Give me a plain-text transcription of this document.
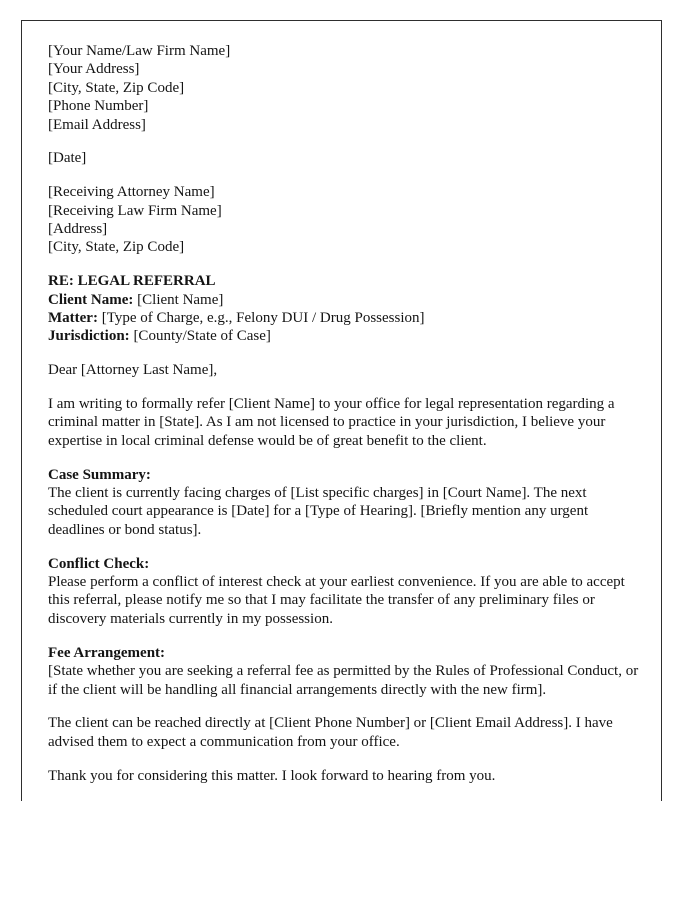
[Your Name/Law Firm Name]
[Your Address]
[City, State, Zip Code]
[Phone Number]
[Email Address]
[Date]
[Receiving Attorney Name]
[Receiving Law Firm Name]
[Address]
[City, State, Zip Code]
RE: LEGAL REFERRAL
Client Name: [Client Name]
Matter: [Type of Charge, e.g., Felony DUI / Drug Possession]
Jurisdiction: [County/State of Case]
Dear [Attorney Last Name],
I am writing to formally refer [Client Name] to your office for legal representation regarding a criminal matter in [State]. As I am not licensed to practice in your jurisdiction, I believe your expertise in local criminal defense would be of great benefit to the client.
Case Summary:
The client is currently facing charges of [List specific charges] in [Court Name]. The next scheduled court appearance is [Date] for a [Type of Hearing]. [Briefly mention any urgent deadlines or bond status].
Conflict Check:
Please perform a conflict of interest check at your earliest convenience. If you are able to accept this referral, please notify me so that I may facilitate the transfer of any preliminary files or discovery materials currently in my possession.
Fee Arrangement:
[State whether you are seeking a referral fee as permitted by the Rules of Professional Conduct, or if the client will be handling all financial arrangements directly with the new firm].
The client can be reached directly at [Client Phone Number] or [Client Email Address]. I have advised them to expect a communication from your office.
Thank you for considering this matter. I look forward to hearing from you.
